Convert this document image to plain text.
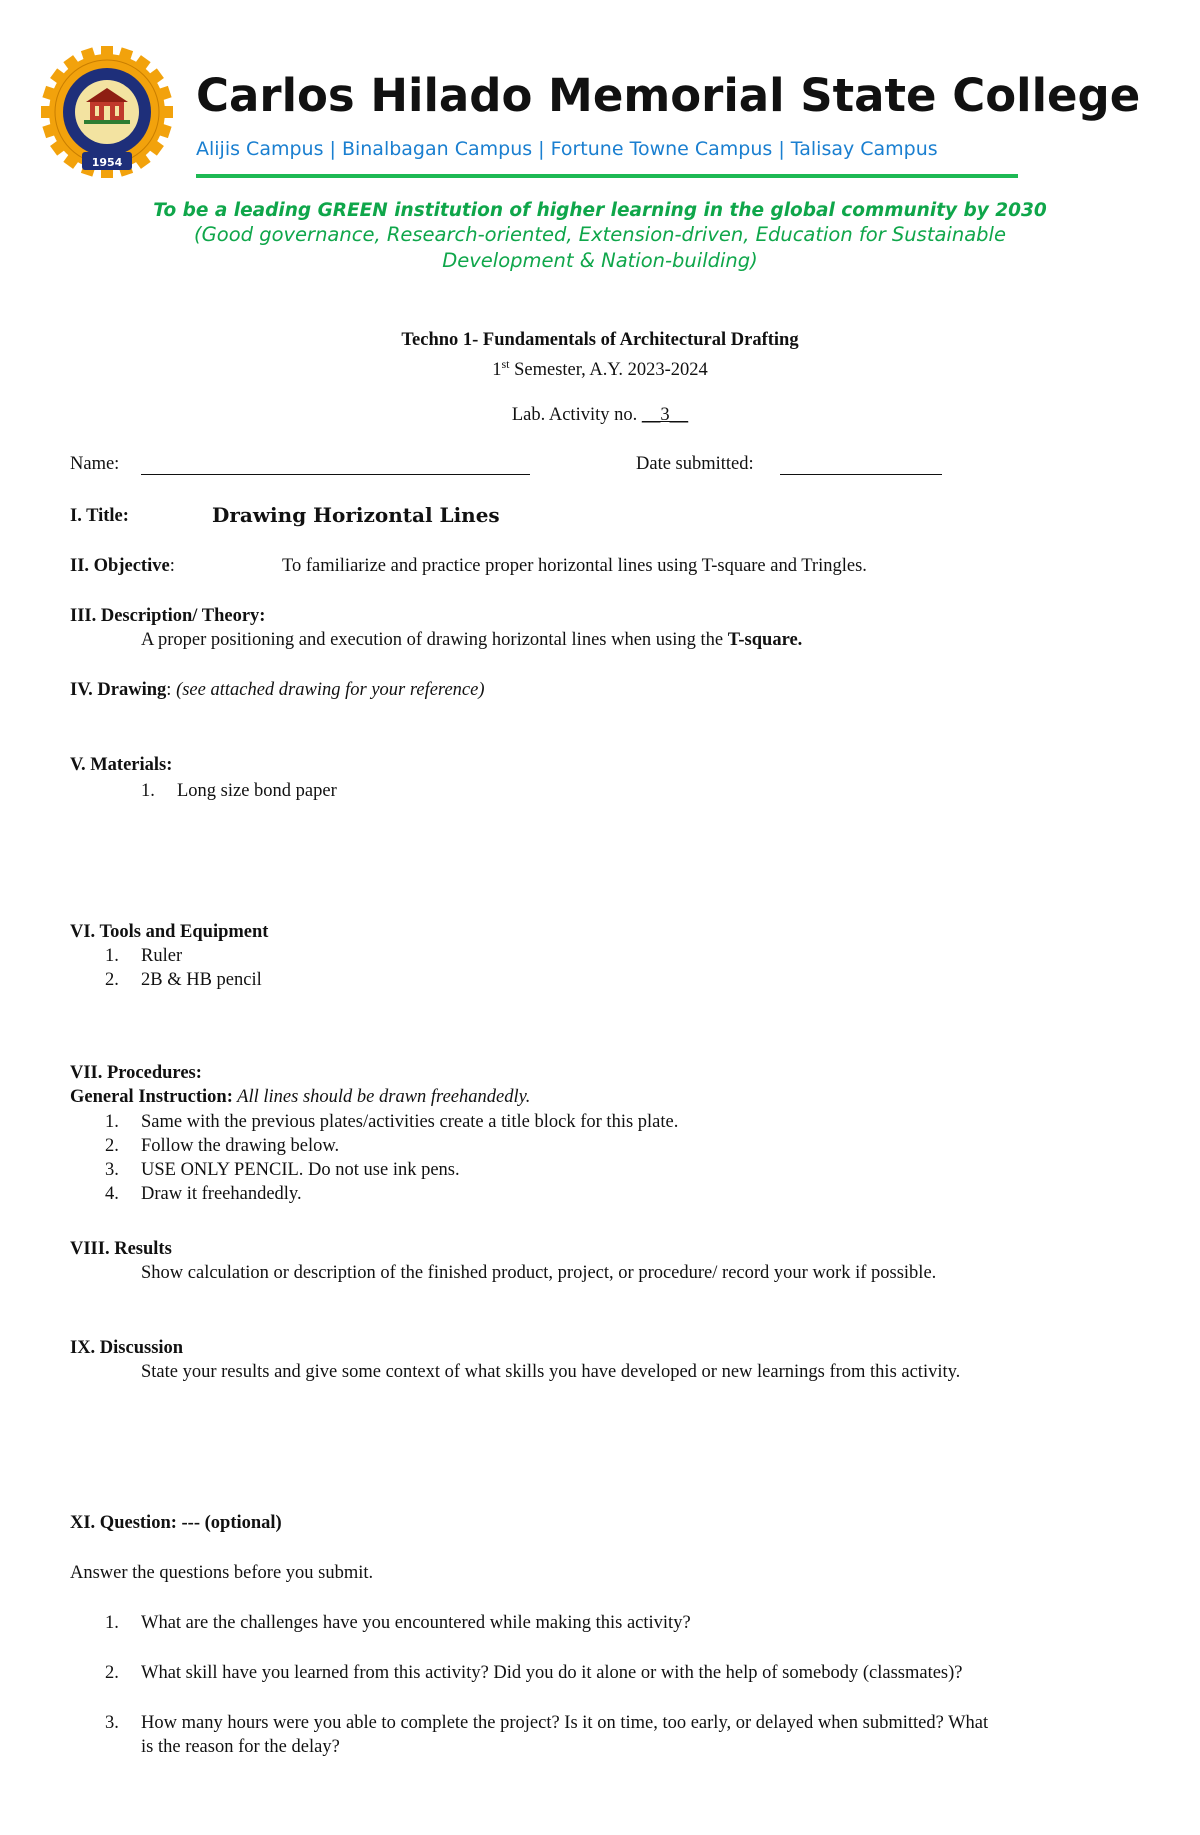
1954
Carlos Hilado Memorial State College
Alijis Campus | Binalbagan Campus | Fortune Towne Campus | Talisay Campus
To be a leading GREEN institution of higher learning in the global community by 2030
(Good governance, Research-oriented, Extension-driven, Education for Sustainable
Development & Nation-building)
Techno 1- Fundamentals of Architectural Drafting
1st Semester, A.Y. 2023-2024
Lab. Activity no. __3__
Name:	Date submitted:
I. Title:	Drawing Horizontal Lines
II. Objective:	To familiarize and practice proper horizontal lines using T-square and Tringles.
III. Description/ Theory:
A proper positioning and execution of drawing horizontal lines when using the T-square.
IV. Drawing: (see attached drawing for your reference)
V. Materials:
1.	Long size bond paper
VI. Tools and Equipment
1.	Ruler
2.	2B & HB pencil
VII. Procedures:
General Instruction: All lines should be drawn freehandedly.
1.	Same with the previous plates/activities create a title block for this plate.
2.	Follow the drawing below.
3.	USE ONLY PENCIL. Do not use ink pens.
4.	Draw it freehandedly.
VIII. Results
Show calculation or description of the finished product, project, or procedure/ record your work if possible.
IX. Discussion
State your results and give some context of what skills you have developed or new learnings from this activity.
XI. Question: --- (optional)
Answer the questions before you submit.
1.	What are the challenges have you encountered while making this activity?
2.	What skill have you learned from this activity? Did you do it alone or with the help of somebody (classmates)?
3.	How many hours were you able to complete the project? Is it on time, too early, or delayed when submitted? What
is the reason for the delay?
